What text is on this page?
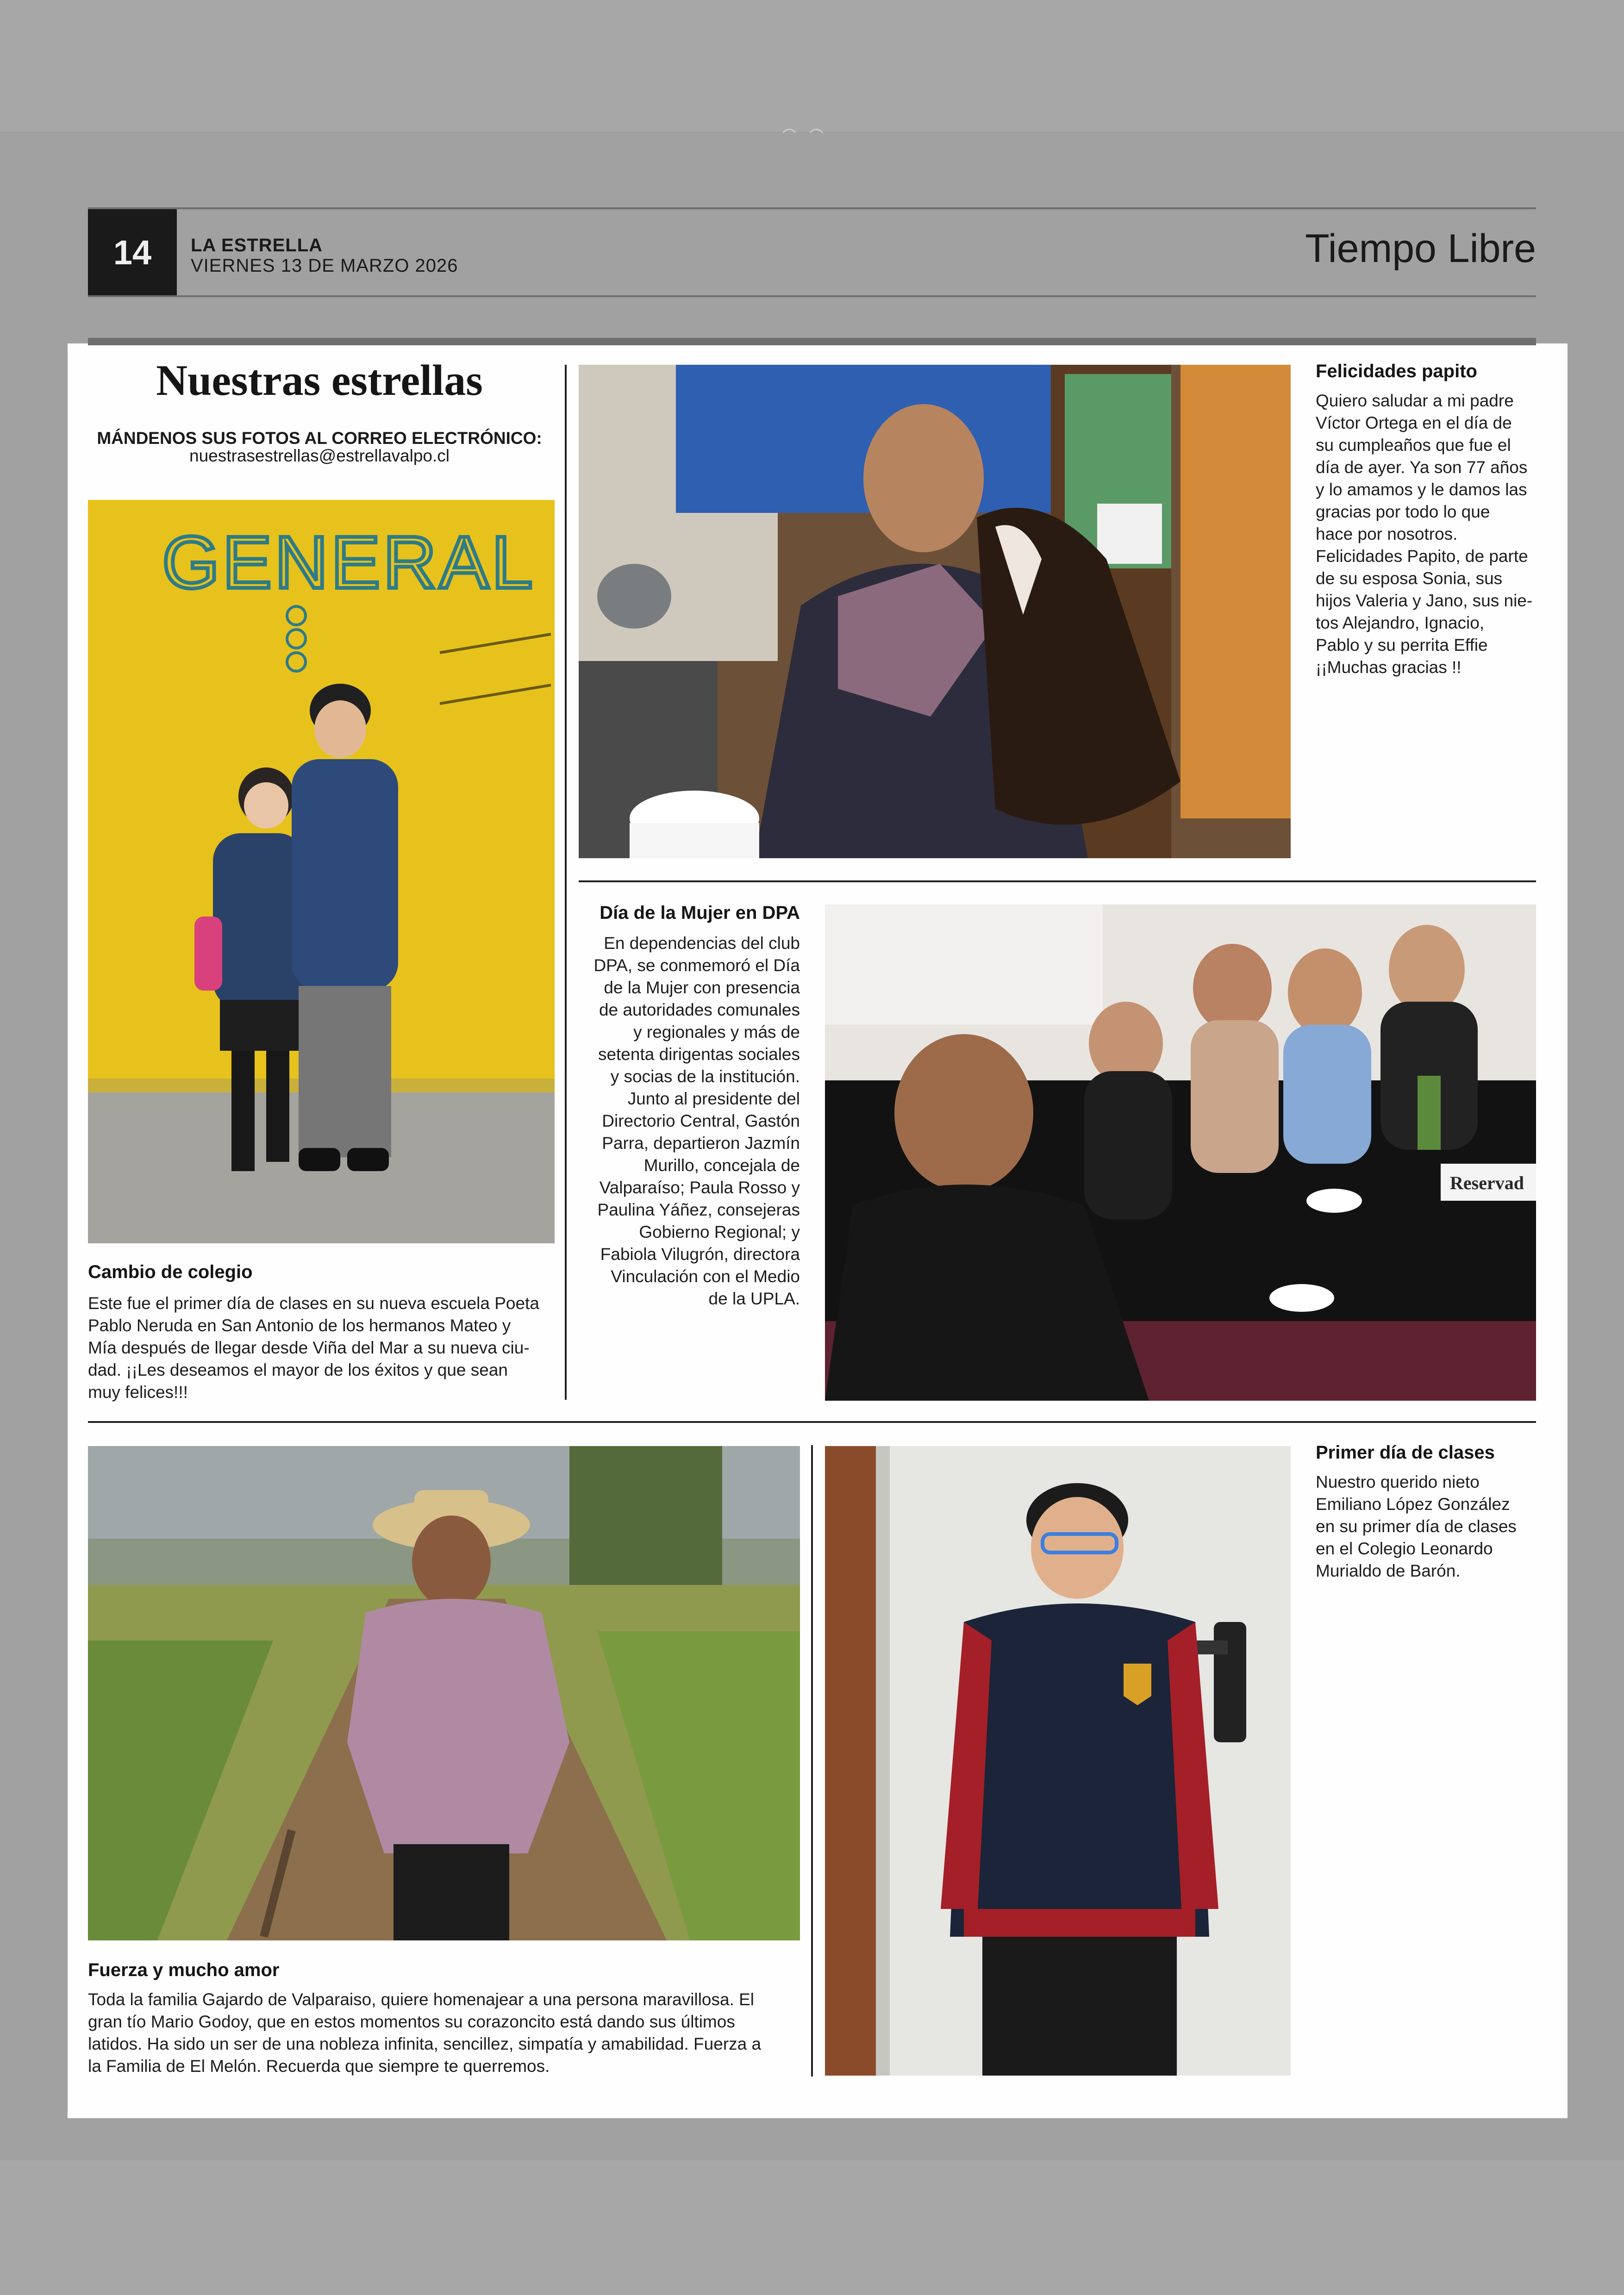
14	LA ESTRELLA
VIERNES 13 DE MARZO 2026	Tiempo Libre
Nuestras estrellas
MÁNDENOS SUS FOTOS AL CORREO ELECTRÓNICO:
nuestrasestrellas@estrellavalpo.cl
GENERAL
Reservad
Cambio de colegio
Este fue el primer día de clases en su nueva escuela Poeta
Pablo Neruda en San Antonio de los hermanos Mateo y
Mía después de llegar desde Viña del Mar a su nueva ciu-
dad. ¡¡Les deseamos el mayor de los éxitos y que sean
muy felices!!!
Felicidades papito
Quiero saludar a mi padre
Víctor Ortega en el día de
su cumpleaños que fue el
día de ayer. Ya son 77 años
y lo amamos y le damos las
gracias por todo lo que
hace por nosotros.
Felicidades Papito, de parte
de su esposa Sonia, sus
hijos Valeria y Jano, sus nie-
tos Alejandro, Ignacio,
Pablo y su perrita Effie
¡¡Muchas gracias !!
Día de la Mujer en DPA
En dependencias del club
DPA, se conmemoró el Día
de la Mujer con presencia
de autoridades comunales
y regionales y más de
setenta dirigentas sociales
y socias de la institución.
Junto al presidente del
Directorio Central, Gastón
Parra, departieron Jazmín
Murillo, concejala de
Valparaíso; Paula Rosso y
Paulina Yáñez, consejeras
Gobierno Regional; y
Fabiola Vilugrón, directora
Vinculación con el Medio
de la UPLA.
Primer día de clases
Nuestro querido nieto
Emiliano López González
en su primer día de clases
en el Colegio Leonardo
Murialdo de Barón.
Fuerza y mucho amor
Toda la familia Gajardo de Valparaiso, quiere homenajear a una persona maravillosa. El
gran tío Mario Godoy, que en estos momentos su corazoncito está dando sus últimos
latidos. Ha sido un ser de una nobleza infinita, sencillez, simpatía y amabilidad. Fuerza a
la Familia de El Melón. Recuerda que siempre te querremos.
